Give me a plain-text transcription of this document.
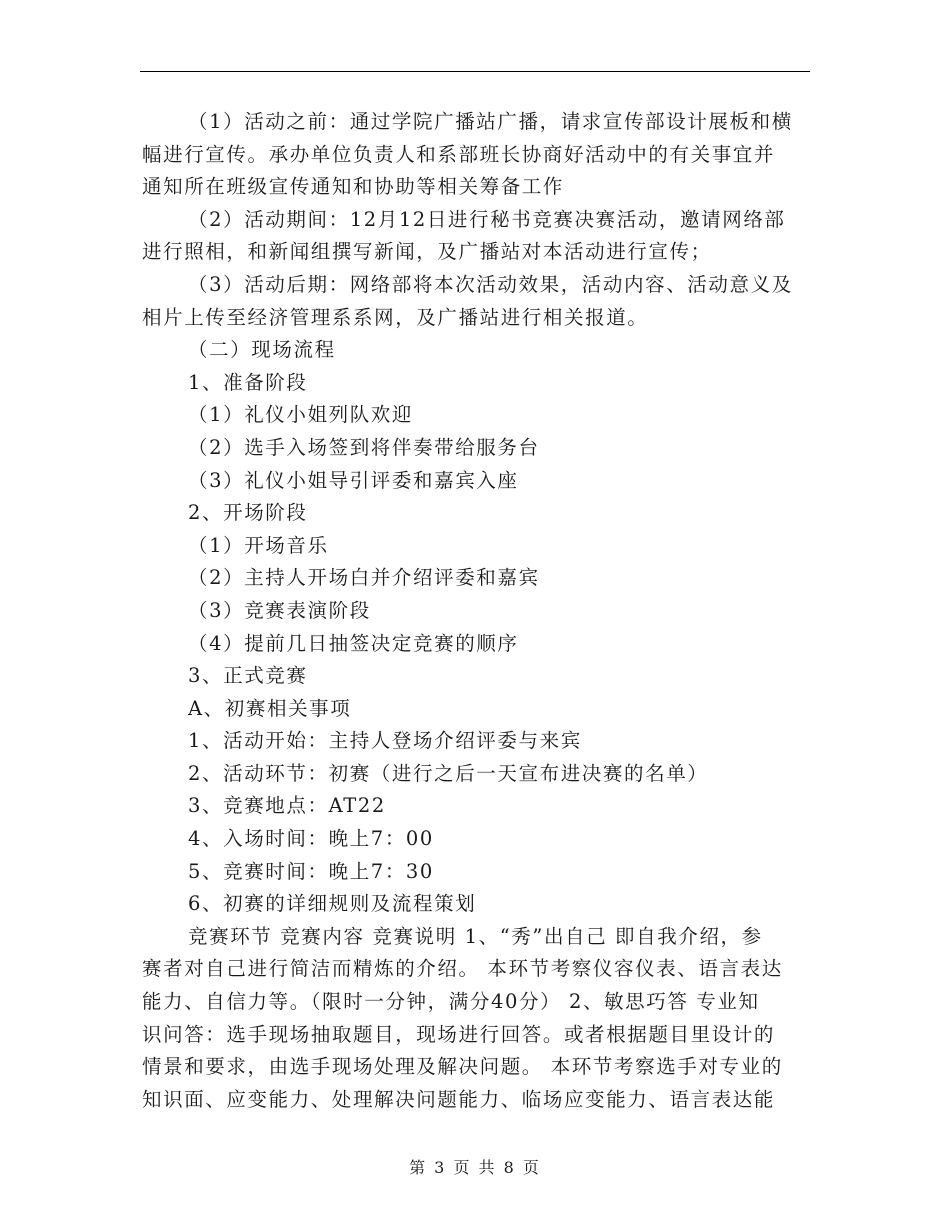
（1）活动之前：通过学院广播站广播，请求宣传部设计展板和横
幅进行宣传。承办单位负责人和系部班长协商好活动中的有关事宜并
通知所在班级宣传通知和协助等相关筹备工作
（2）活动期间：12月12日进行秘书竞赛决赛活动，邀请网络部
进行照相，和新闻组撰写新闻，及广播站对本活动进行宣传；
（3）活动后期：网络部将本次活动效果，活动内容、活动意义及
相片上传至经济管理系系网，及广播站进行相关报道。
（二）现场流程
1、准备阶段
（1）礼仪小姐列队欢迎
（2）选手入场签到将伴奏带给服务台
（3）礼仪小姐导引评委和嘉宾入座
2、开场阶段
（1）开场音乐
（2）主持人开场白并介绍评委和嘉宾
（3）竞赛表演阶段
（4）提前几日抽签决定竞赛的顺序
3、正式竞赛
A、初赛相关事项
1、活动开始：主持人登场介绍评委与来宾
2、活动环节：初赛（进行之后一天宣布进决赛的名单）
3、竞赛地点：AT22
4、入场时间：晚上7：00
5、竞赛时间：晚上7：30
6、初赛的详细规则及流程策划
竞赛环节 竞赛内容 竞赛说明 1、“秀”出自己 即自我介绍，参
赛者对自己进行简洁而精炼的介绍。 本环节考察仪容仪表、语言表达
能力、自信力等。（限时一分钟，满分40分） 2、敏思巧答 专业知
识问答：选手现场抽取题目，现场进行回答。或者根据题目里设计的
情景和要求，由选手现场处理及解决问题。 本环节考察选手对专业的
知识面、应变能力、处理解决问题能力、临场应变能力、语言表达能
第 3 页 共 8 页
